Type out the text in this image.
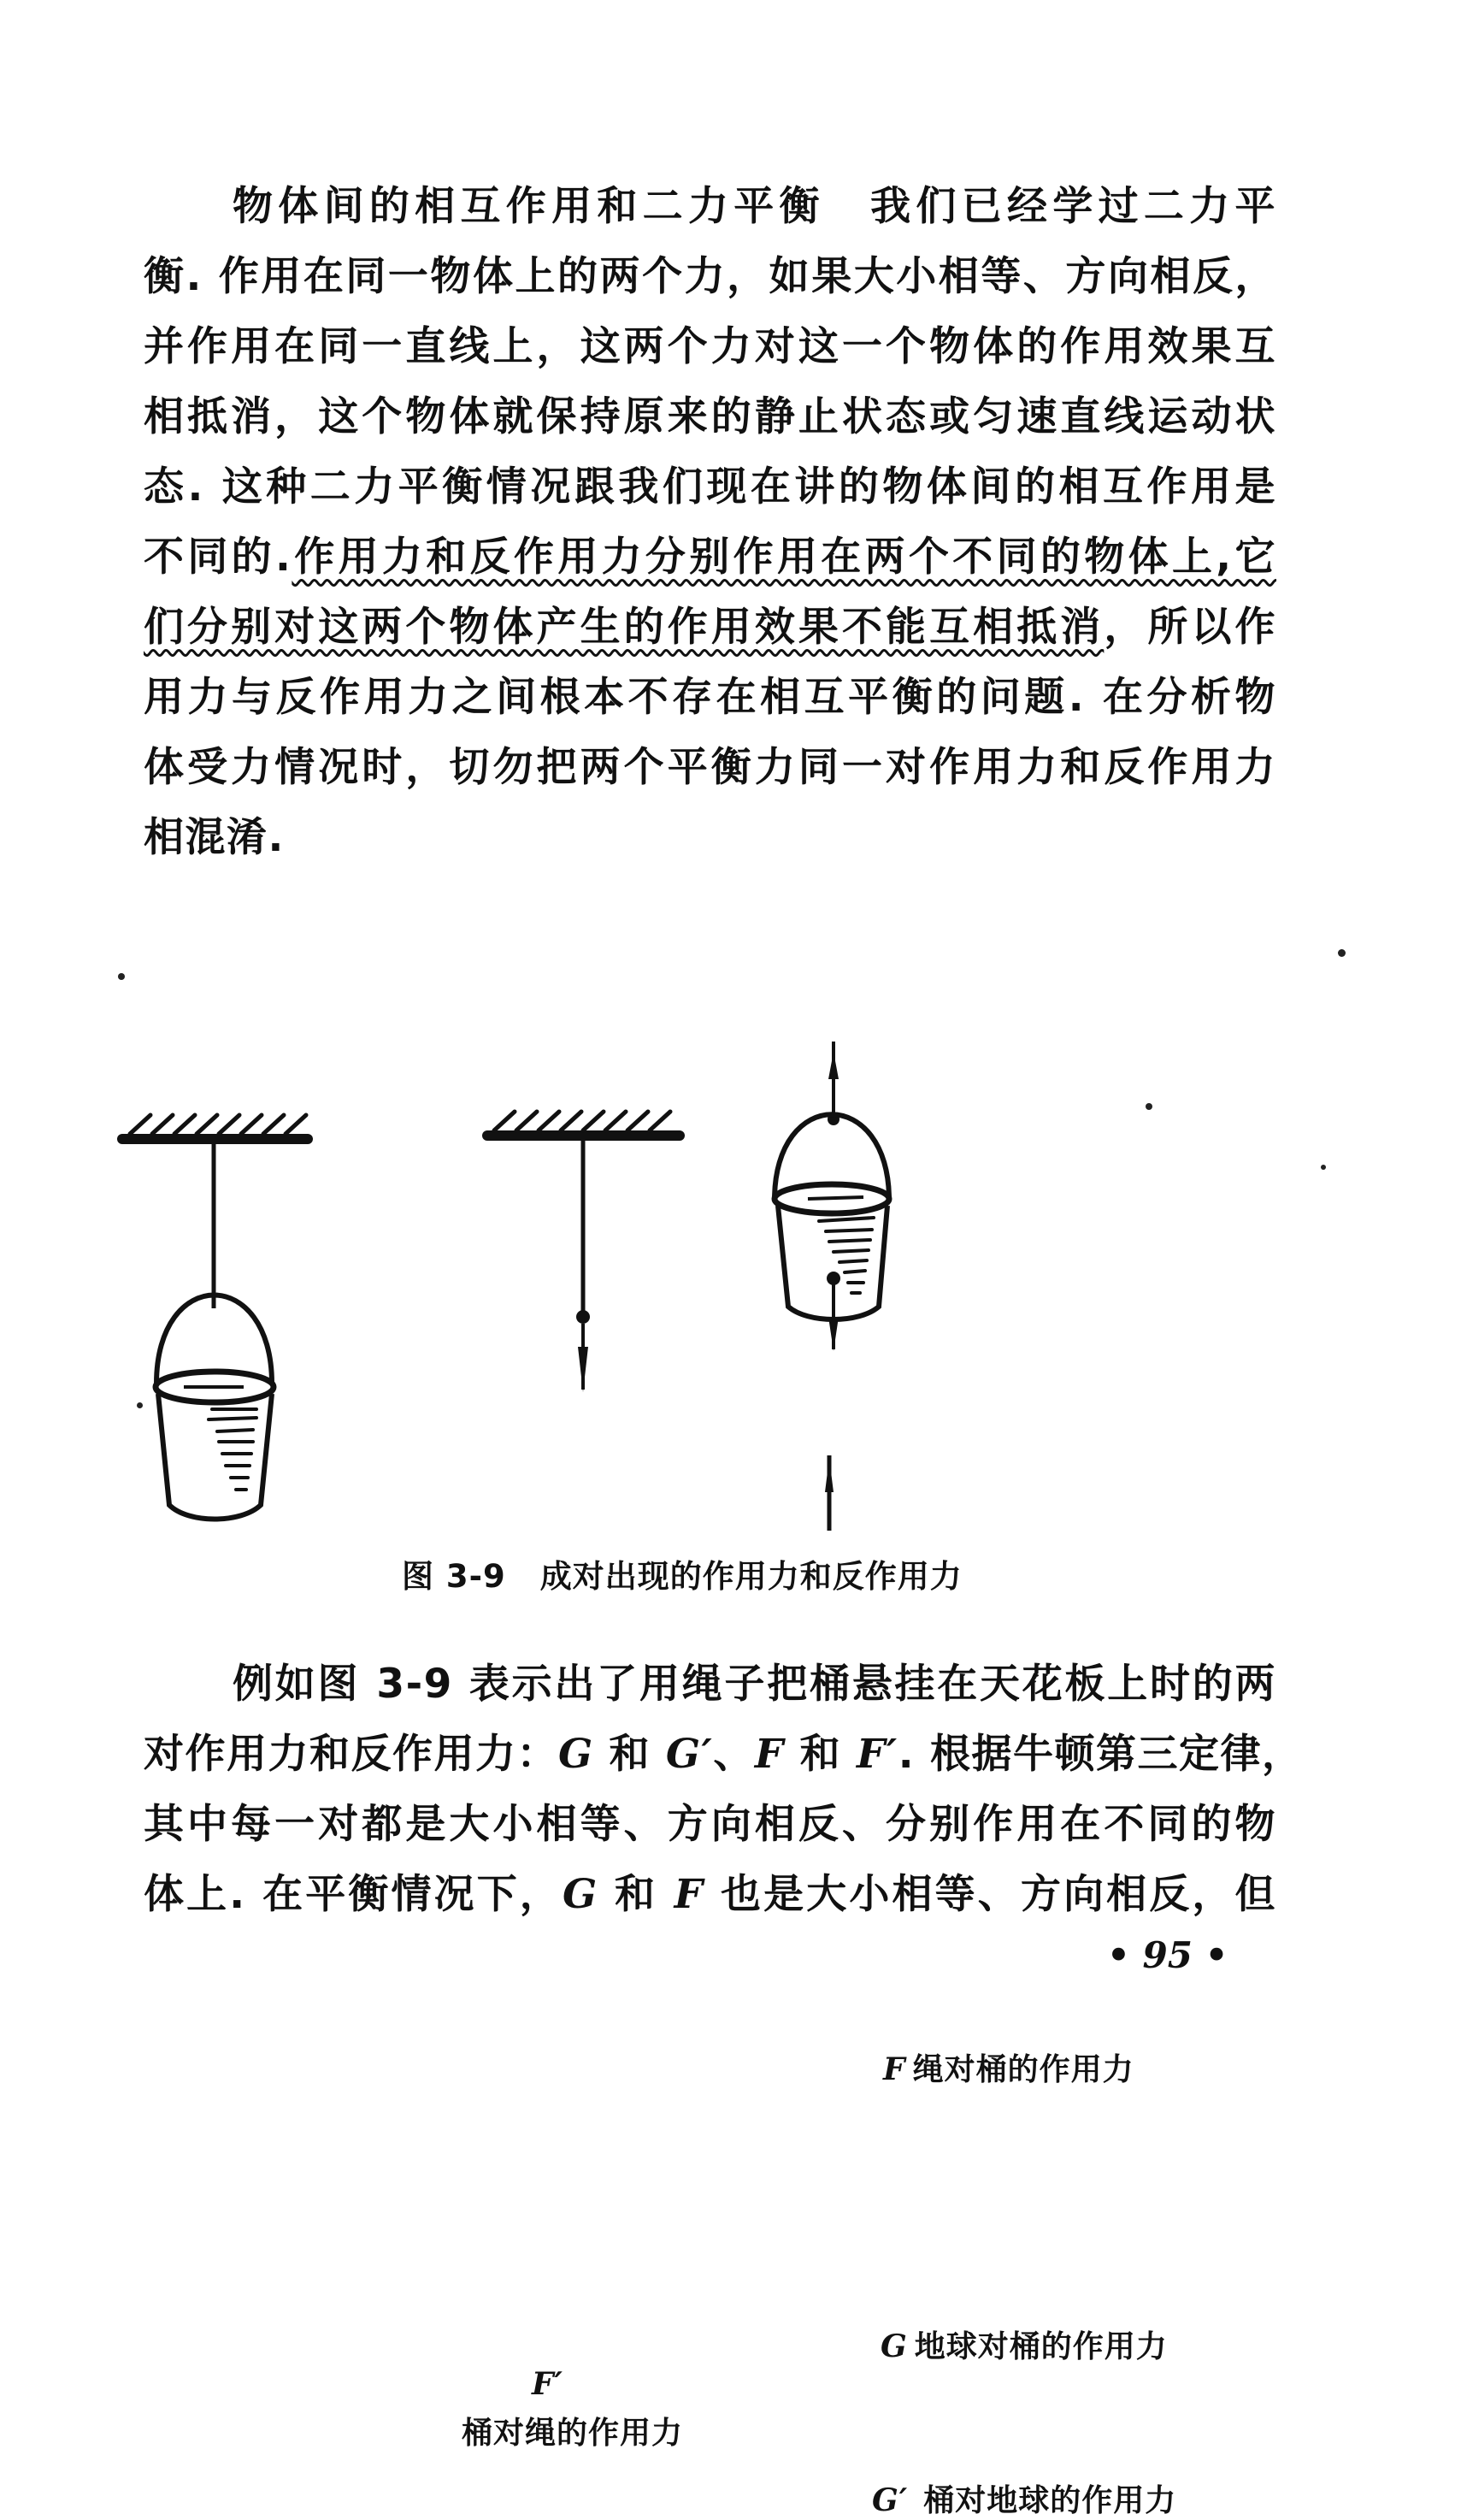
物体间的相互作用和二力平衡　我们已经学过二力平
衡. 作用在同一物体上的两个力，如果大小相等、方向相反，
并作用在同一直线上，这两个力对这一个物体的作用效果互
相抵消，这个物体就保持原来的静止状态或匀速直线运动状
态. 这种二力平衡情况跟我们现在讲的物体间的相互作用是
不同的.作用力和反作用力分别作用在两个不同的物体上,它
们分别对这两个物体产生的作用效果不能互相抵消，所以作
用力与反作用力之间根本不存在相互平衡的问题. 在分析物
体受力情况时，切勿把两个平衡力同一对作用力和反作用力
相混淆.
F′
桶对绳的作用力
F 绳对桶的作用力
G 地球对桶的作用力
G′ 桶对地球的作用力
图 3-9 成对出现的作用力和反作用力
例如图 3-9 表示出了用绳子把桶悬挂在天花板上时的两
对作用力和反作用力：G 和 G′、F 和 F′. 根据牛顿第三定律，
其中每一对都是大小相等、方向相反、分别作用在不同的物
体上. 在平衡情况下，G 和 F 也是大小相等、方向相反，但
• 95 •
